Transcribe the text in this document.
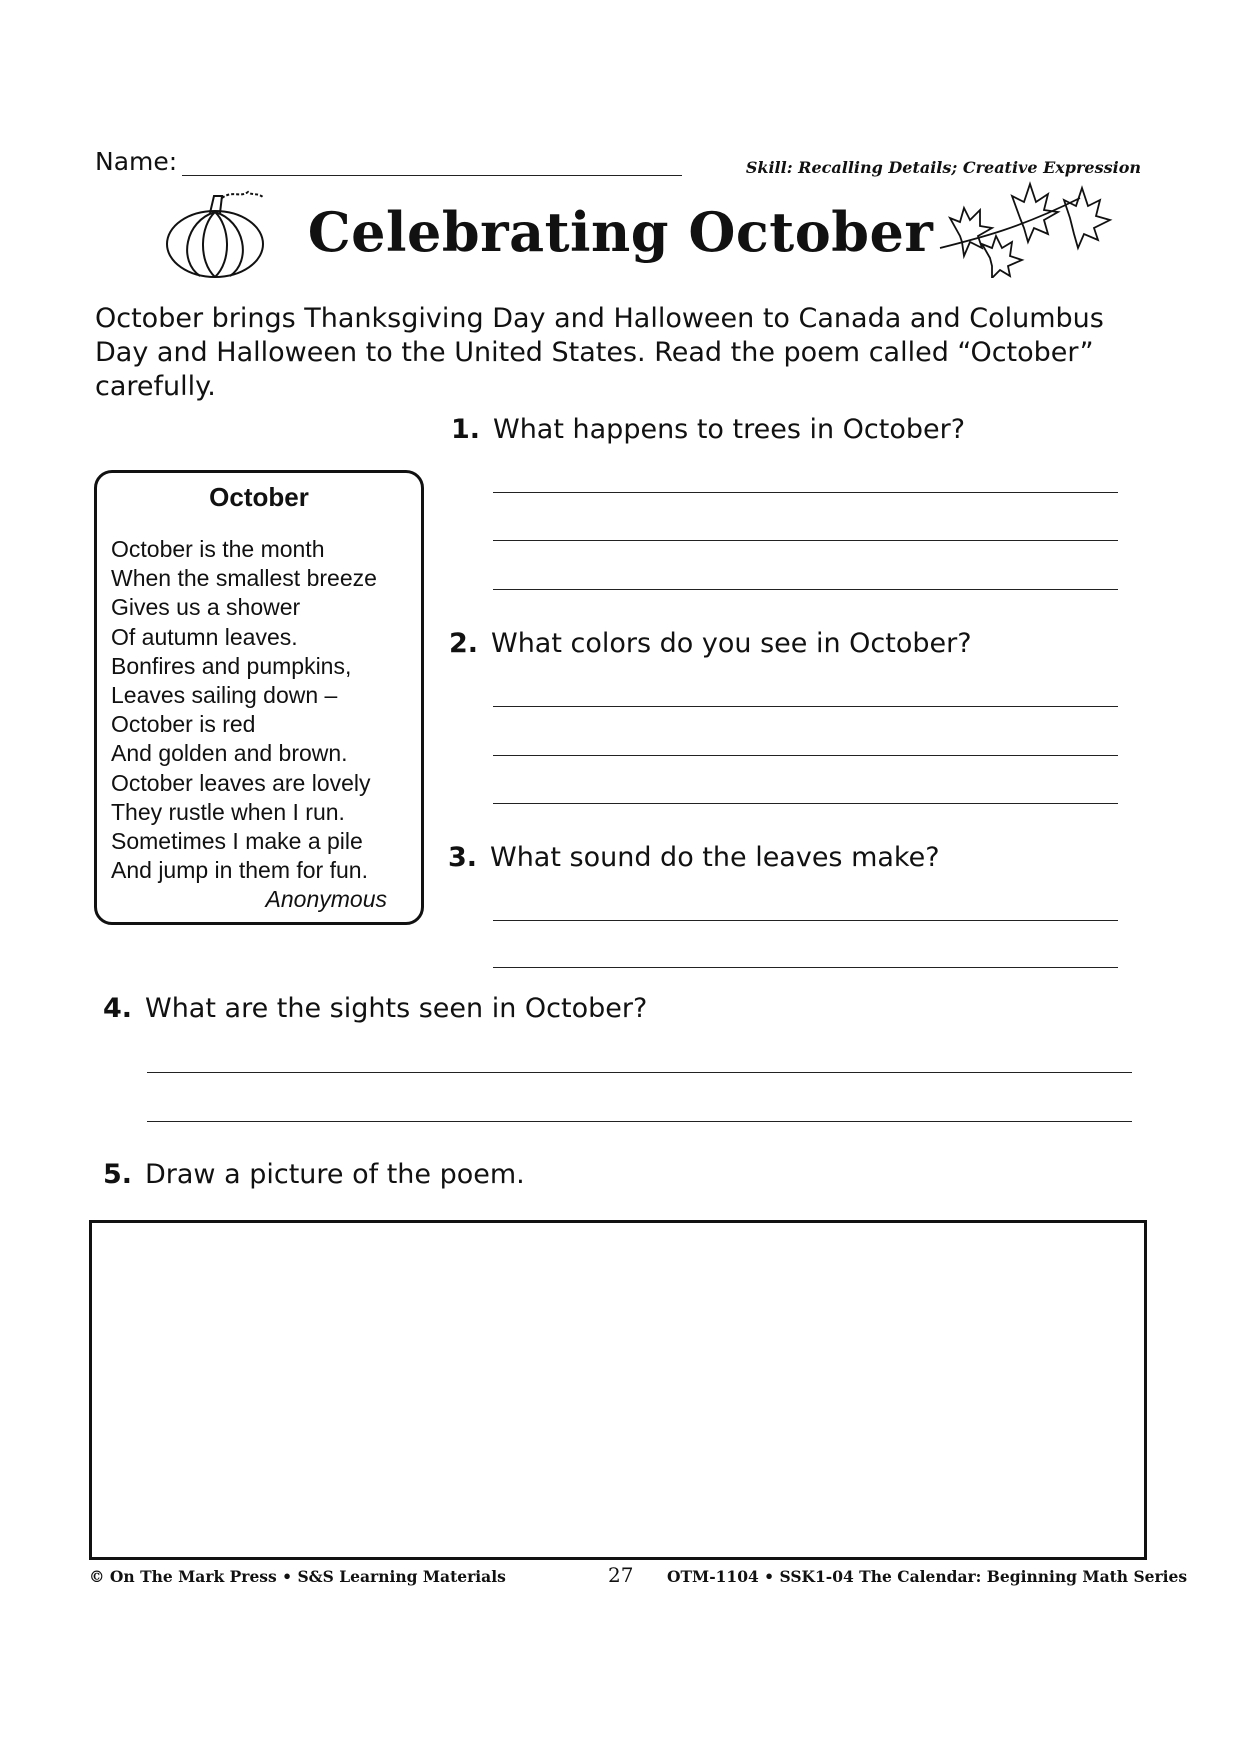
Name:	Skill: Recalling Details; Creative Expression
Celebrating October
October brings Thanksgiving Day and Halloween to Canada and Columbus Day and Halloween to the United States. Read the poem called “October” carefully.
October
October is the month
When the smallest breeze
Gives us a shower
Of autumn leaves.
Bonfires and pumpkins,
Leaves sailing down –
October is red
And golden and brown.
October leaves are lovely
They rustle when I run.
Sometimes I make a pile
And jump in them for fun.
Anonymous
1. What happens to trees in October?
2. What colors do you see in October?
3. What sound do the leaves make?
4. What are the sights seen in October?
5. Draw a picture of the poem.
© On The Mark Press • S&S Learning Materials	27 OTM-1104 • SSK1-04 The Calendar: Beginning Math Series
